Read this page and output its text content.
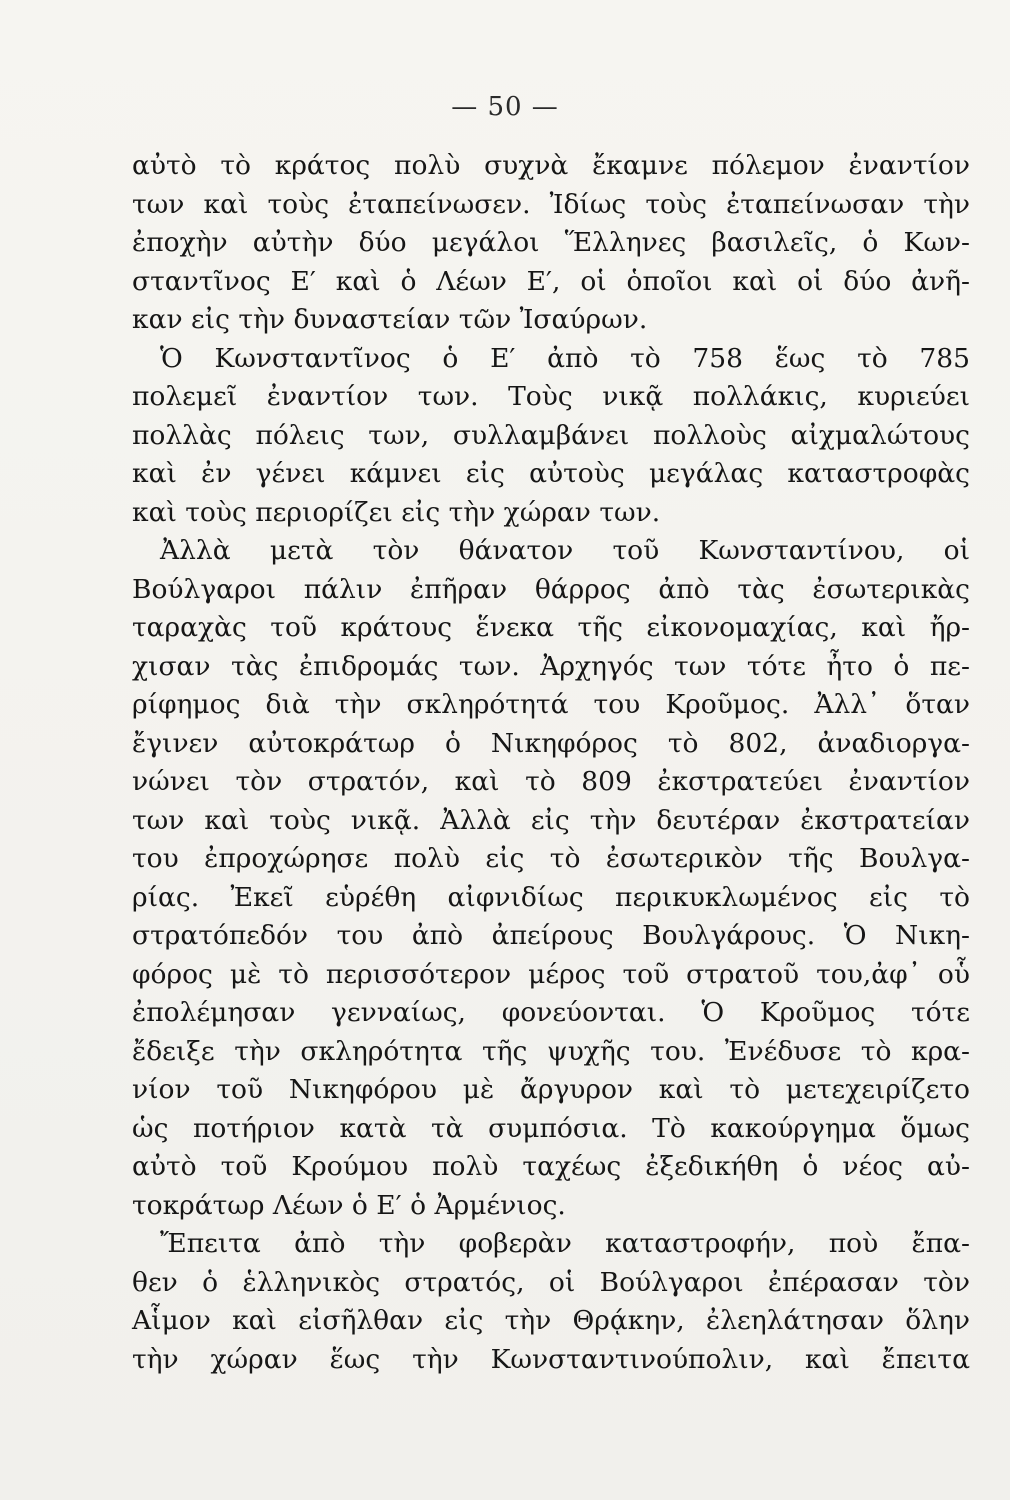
— 50 —
αὐτὸ τὸ κράτος πολὺ συχνὰ ἔκαμνε πόλεμον ἐναντίον
των καὶ τοὺς ἐταπείνωσεν. Ἰδίως τοὺς ἐταπείνωσαν τὴν
ἐποχὴν αὐτὴν δύο μεγάλοι Ἕλληνες βασιλεῖς, ὁ Κων-
σταντῖνος Ε′ καὶ ὁ Λέων Ε′, οἱ ὁποῖοι καὶ οἱ δύο ἀνῆ-
καν εἰς τὴν δυναστείαν τῶν Ἰσαύρων.
Ὁ Κωνσταντῖνος ὁ Ε′ ἀπὸ τὸ 758 ἕως τὸ 785
πολεμεῖ ἐναντίον των. Τοὺς νικᾷ πολλάκις, κυριεύει
πολλὰς πόλεις των, συλλαμβάνει πολλοὺς αἰχμαλώτους
καὶ ἐν γένει κάμνει εἰς αὐτοὺς μεγάλας καταστροφὰς
καὶ τοὺς περιορίζει εἰς τὴν χώραν των.
Ἀλλὰ μετὰ τὸν θάνατον τοῦ Κωνσταντίνου, οἱ
Βούλγαροι πάλιν ἐπῆραν θάρρος ἀπὸ τὰς ἐσωτερικὰς
ταραχὰς τοῦ κράτους ἕνεκα τῆς εἰκονομαχίας, καὶ ἤρ-
χισαν τὰς ἐπιδρομάς των. Ἀρχηγός των τότε ἦτο ὁ πε-
ρίφημος διὰ τὴν σκληρότητά του Κροῦμος. Ἀλλ᾽ ὅταν
ἔγινεν αὐτοκράτωρ ὁ Νικηφόρος τὸ 802, ἀναδιοργα-
νώνει τὸν στρατόν, καὶ τὸ 809 ἐκστρατεύει ἐναντίον
των καὶ τοὺς νικᾷ. Ἀλλὰ εἰς τὴν δευτέραν ἐκστρατείαν
του ἐπροχώρησε πολὺ εἰς τὸ ἐσωτερικὸν τῆς Βουλγα-
ρίας. Ἐκεῖ εὑρέθη αἰφνιδίως περικυκλωμένος εἰς τὸ
στρατόπεδόν του ἀπὸ ἀπείρους Βουλγάρους. Ὁ Νικη-
φόρος μὲ τὸ περισσότερον μέρος τοῦ στρατοῦ του,ἀφ᾽ οὗ
ἐπολέμησαν γενναίως, φονεύονται. Ὁ Κροῦμος τότε
ἔδειξε τὴν σκληρότητα τῆς ψυχῆς του. Ἐνέδυσε τὸ κρα-
νίον τοῦ Νικηφόρου μὲ ἄργυρον καὶ τὸ μετεχειρίζετο
ὡς ποτήριον κατὰ τὰ συμπόσια. Τὸ κακούργημα ὅμως
αὐτὸ τοῦ Κρούμου πολὺ ταχέως ἐξεδικήθη ὁ νέος αὐ-
τοκράτωρ Λέων ὁ Ε′ ὁ Ἀρμένιος.
Ἔπειτα ἀπὸ τὴν φοβερὰν καταστροφήν, ποὺ ἔπα-
θεν ὁ ἑλληνικὸς στρατός, οἱ Βούλγαροι ἐπέρασαν τὸν
Αἷμον καὶ εἰσῆλθαν εἰς τὴν Θρᾴκην, ἐλεηλάτησαν ὅλην
τὴν χώραν ἕως τὴν Κωνσταντινούπολιν, καὶ ἔπειτα
